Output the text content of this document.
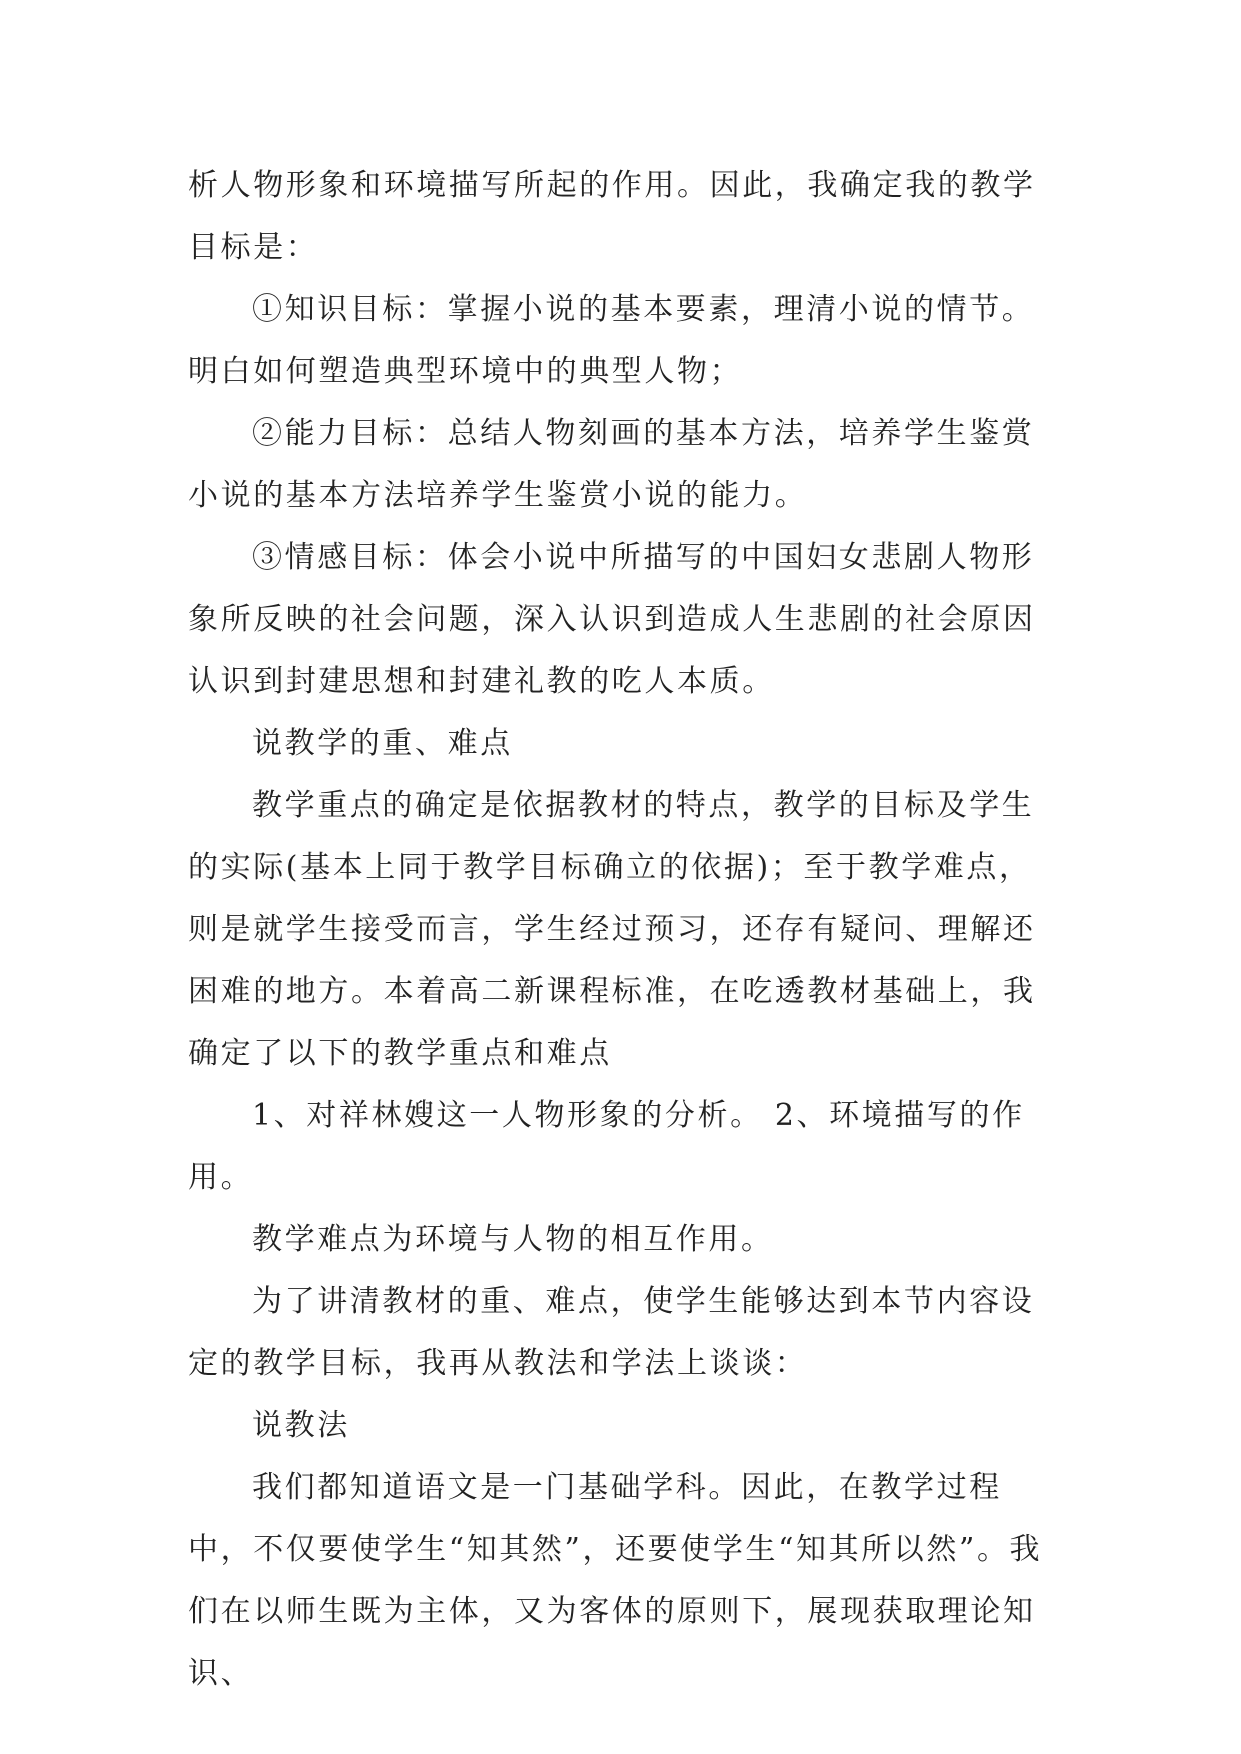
析人物形象和环境描写所起的作用。因此，我确定我的教学目标是：

①知识目标：掌握小说的基本要素，理清小说的情节。明白如何塑造典型环境中的典型人物；

②能力目标：总结人物刻画的基本方法，培养学生鉴赏小说的基本方法培养学生鉴赏小说的能力。

③情感目标：体会小说中所描写的中国妇女悲剧人物形象所反映的社会问题，深入认识到造成人生悲剧的社会原因认识到封建思想和封建礼教的吃人本质。

说教学的重、难点

教学重点的确定是依据教材的特点，教学的目标及学生的实际(基本上同于教学目标确立的依据)；至于教学难点，则是就学生接受而言，学生经过预习，还存有疑问、理解还困难的地方。本着高二新课程标准，在吃透教材基础上，我确定了以下的教学重点和难点

1、对祥林嫂这一人物形象的分析。 2、环境描写的作用。

教学难点为环境与人物的相互作用。

为了讲清教材的重、难点，使学生能够达到本节内容设定的教学目标，我再从教法和学法上谈谈：

说教法

我们都知道语文是一门基础学科。因此，在教学过程中，不仅要使学生“知其然”，还要使学生“知其所以然”。我们在以师生既为主体，又为客体的原则下，展现获取理论知识、
